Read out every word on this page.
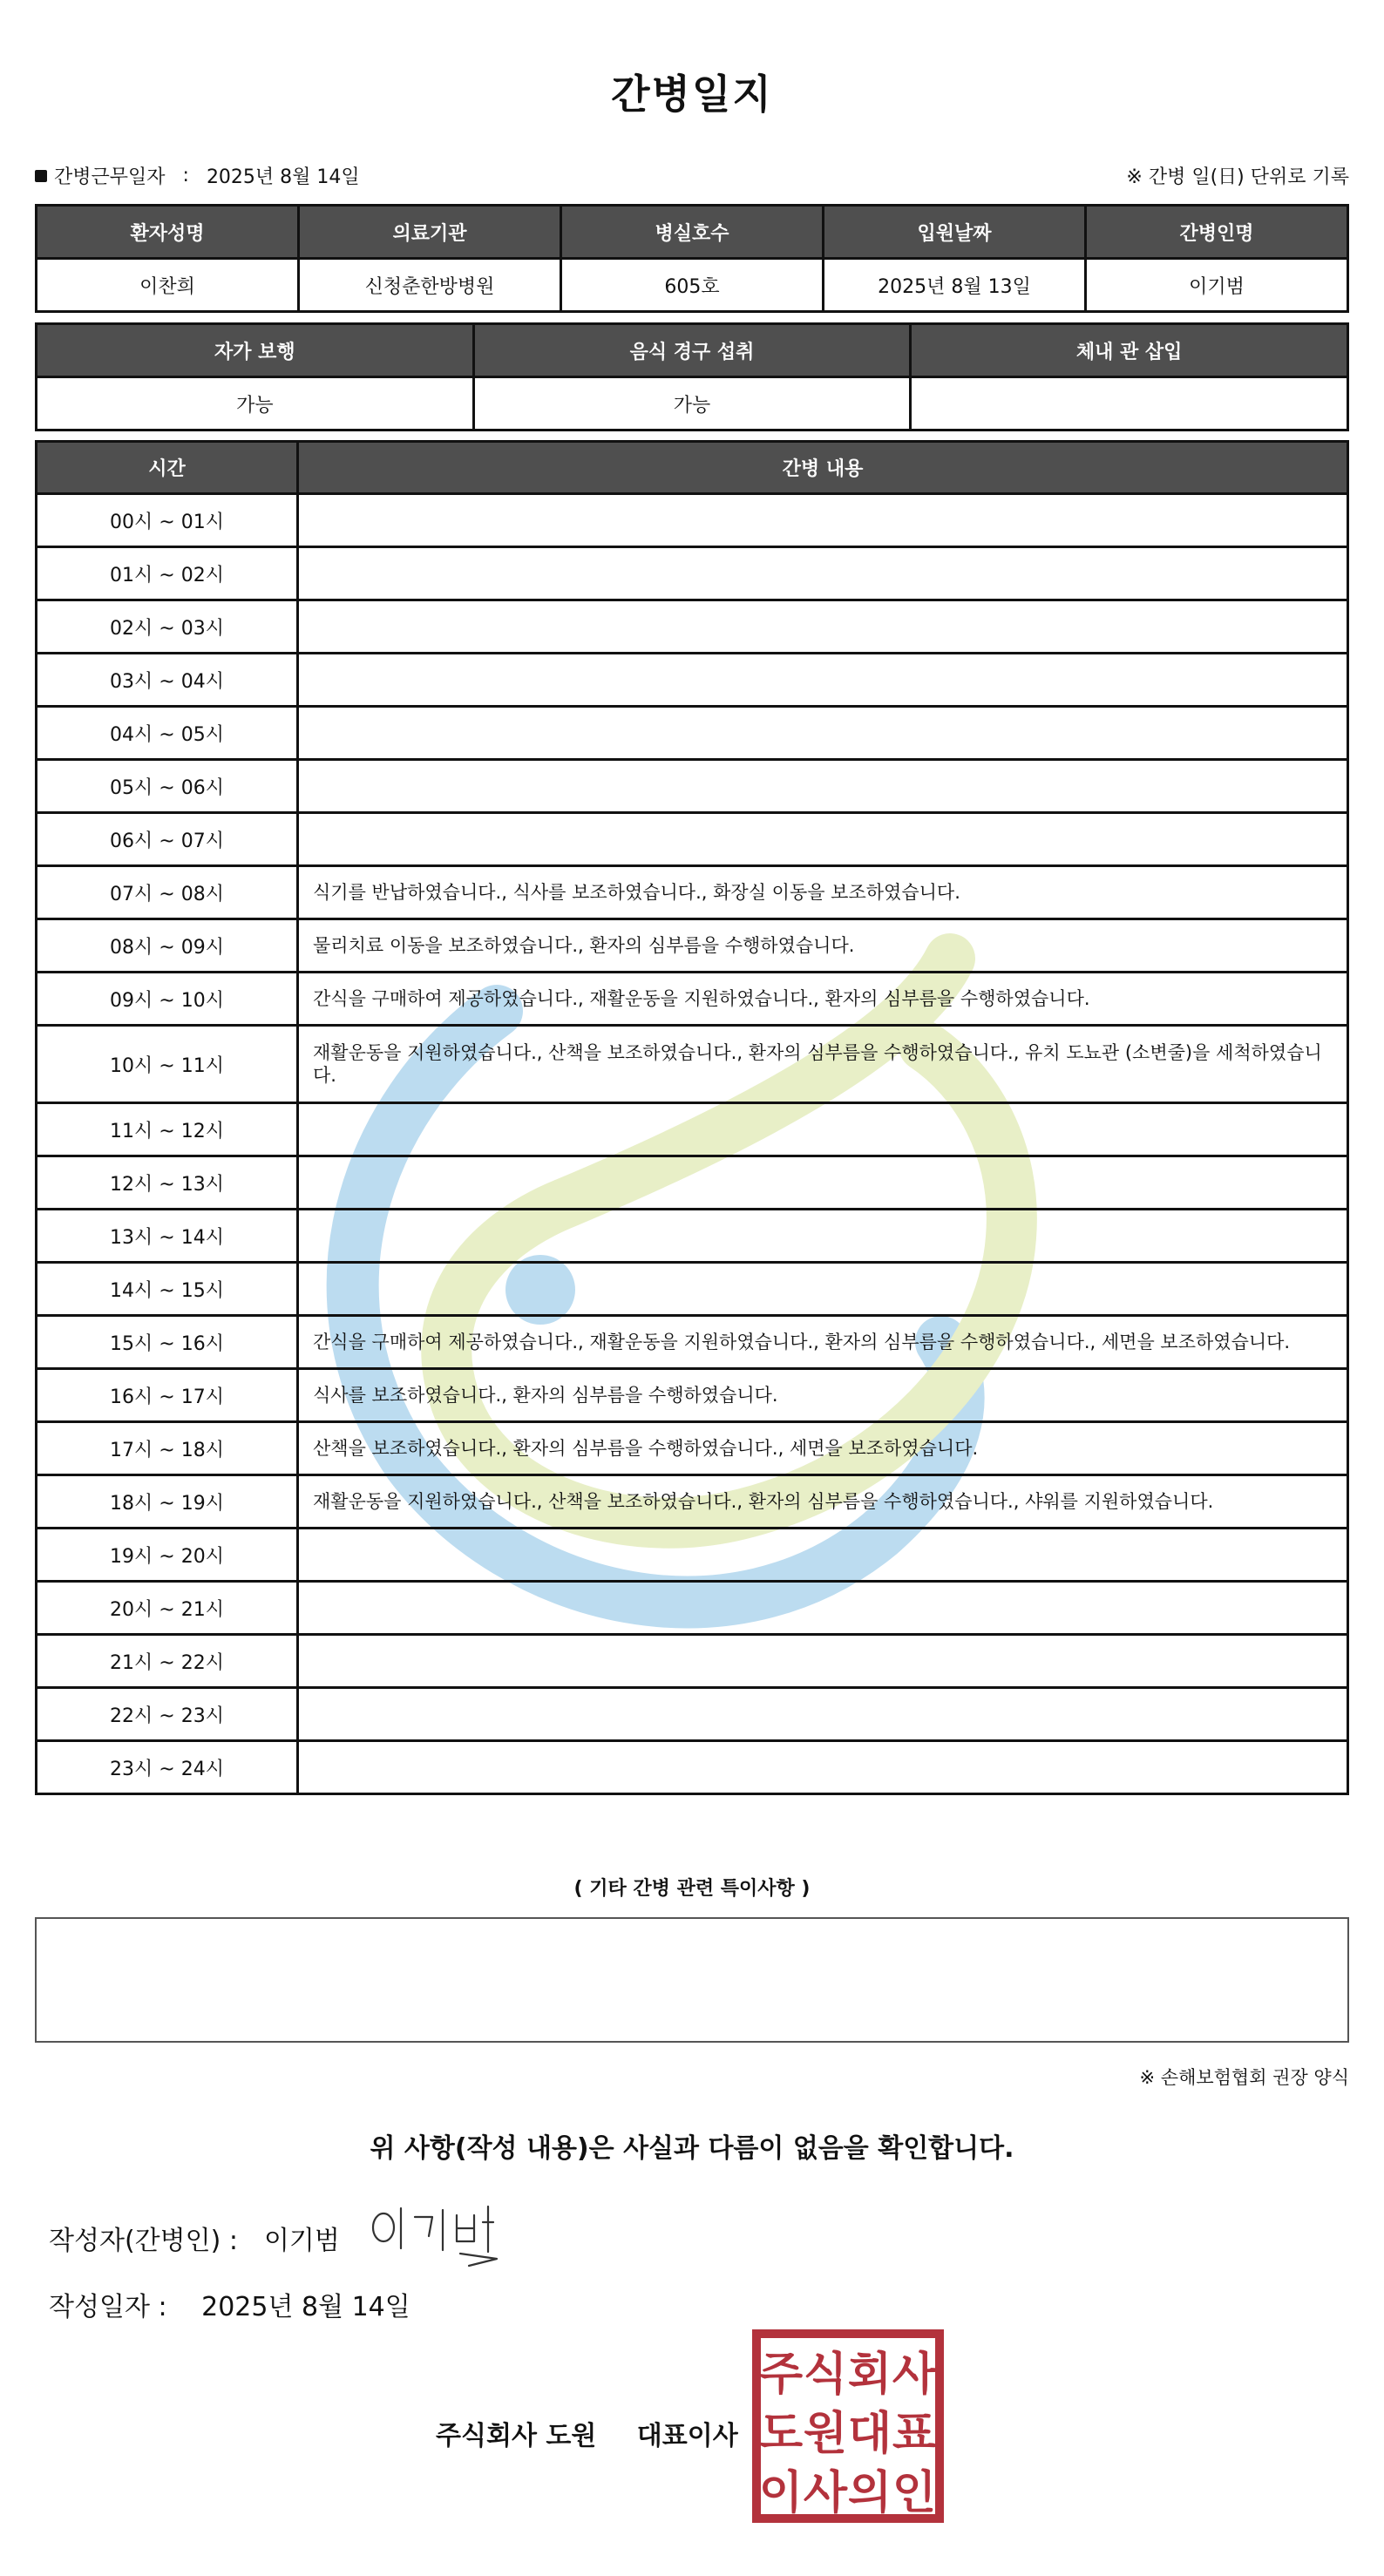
간병일지
간병근무일자 : 2025년 8월 14일	※ 간병 일(日) 단위로 기록
환자성명	의료기관	병실호수	입원날짜	간병인명
이찬희	신청춘한방병원	605호	2025년 8월 13일	이기범
자가 보행	음식 경구 섭취	체내 관 삽입
가능	가능	
시간	간병 내용
00시 ~ 01시	
01시 ~ 02시	
02시 ~ 03시	
03시 ~ 04시	
04시 ~ 05시	
05시 ~ 06시	
06시 ~ 07시	
07시 ~ 08시	식기를 반납하였습니다., 식사를 보조하였습니다., 화장실 이동을 보조하였습니다.
08시 ~ 09시	물리치료 이동을 보조하였습니다., 환자의 심부름을 수행하였습니다.
09시 ~ 10시	간식을 구매하여 제공하였습니다., 재활운동을 지원하였습니다., 환자의 심부름을 수행하였습니다.
10시 ~ 11시	재활운동을 지원하였습니다., 산책을 보조하였습니다., 환자의 심부름을 수행하였습니다., 유치 도뇨관 (소변줄)을 세척하였습니다.
11시 ~ 12시	
12시 ~ 13시	
13시 ~ 14시	
14시 ~ 15시	
15시 ~ 16시	간식을 구매하여 제공하였습니다., 재활운동을 지원하였습니다., 환자의 심부름을 수행하였습니다., 세면을 보조하였습니다.
16시 ~ 17시	식사를 보조하였습니다., 환자의 심부름을 수행하였습니다.
17시 ~ 18시	산책을 보조하였습니다., 환자의 심부름을 수행하였습니다., 세면을 보조하였습니다.
18시 ~ 19시	재활운동을 지원하였습니다., 산책을 보조하였습니다., 환자의 심부름을 수행하였습니다., 샤워를 지원하였습니다.
19시 ~ 20시	
20시 ~ 21시	
21시 ~ 22시	
22시 ~ 23시	
23시 ~ 24시	
( 기타 간병 관련 특이사항 )
※ 손해보험협회 권장 양식
위 사항(작성 내용)은 사실과 다름이 없음을 확인합니다.
작성자(간병인) : 이기범
작성일자 : 2025년 8월 14일
주식회사 도원 대표이사
주 식 회 사
도 원 대 표
이 사 의 인
